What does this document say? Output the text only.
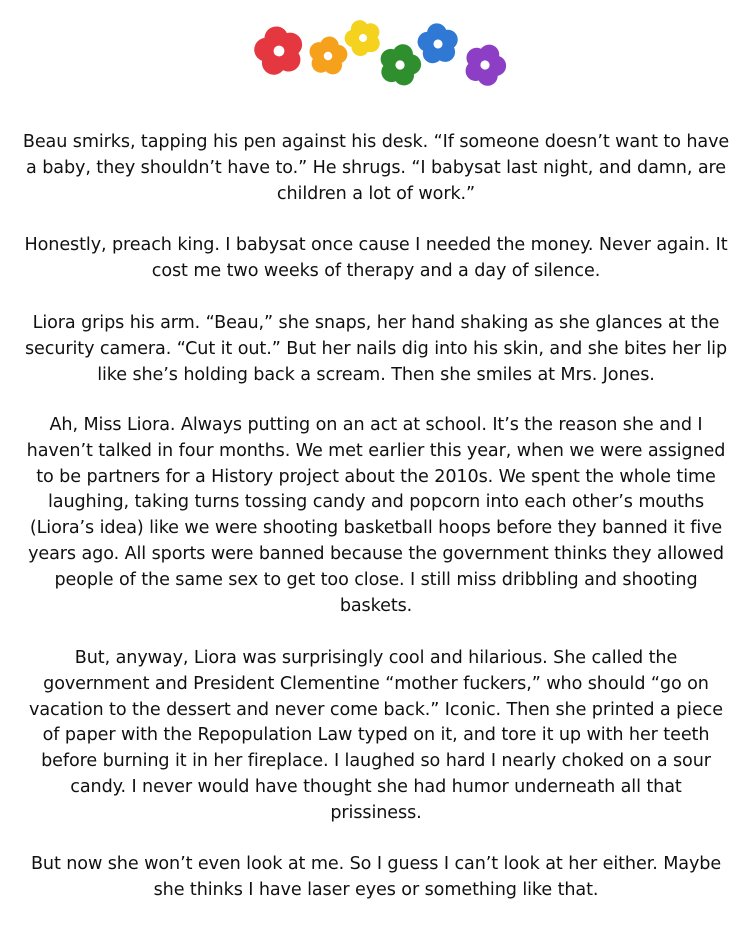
Beau smirks, tapping his pen against his desk. “If someone doesn’t want to have a baby, they shouldn’t have to.” He shrugs. “I babysat last night, and damn, are children a lot of work.”

Honestly, preach king. I babysat once cause I needed the money. Never again. It cost me two weeks of therapy and a day of silence.

Liora grips his arm. “Beau,” she snaps, her hand shaking as she glances at the security camera. “Cut it out.” But her nails dig into his skin, and she bites her lip like she’s holding back a scream. Then she smiles at Mrs. Jones.

Ah, Miss Liora. Always putting on an act at school. It’s the reason she and I haven’t talked in four months. We met earlier this year, when we were assigned to be partners for a History project about the 2010s. We spent the whole time laughing, taking turns tossing candy and popcorn into each other’s mouths (Liora’s idea) like we were shooting basketball hoops before they banned it five years ago. All sports were banned because the government thinks they allowed people of the same sex to get too close. I still miss dribbling and shooting baskets.

But, anyway, Liora was surprisingly cool and hilarious. She called the government and President Clementine “mother fuckers,” who should “go on vacation to the dessert and never come back.” Iconic. Then she printed a piece of paper with the Repopulation Law typed on it, and tore it up with her teeth before burning it in her fireplace. I laughed so hard I nearly choked on a sour candy. I never would have thought she had humor underneath all that prissiness.

But now she won’t even look at me. So I guess I can’t look at her either. Maybe she thinks I have laser eyes or something like that.
